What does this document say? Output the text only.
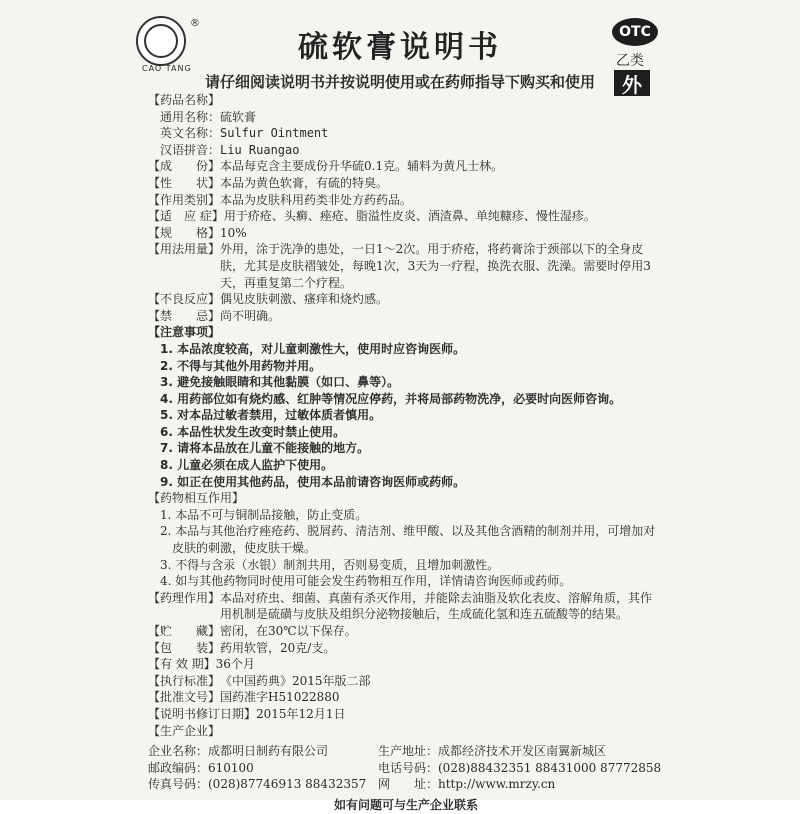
®
CAO TANG
硫软膏说明书	OTC
乙类
外
请仔细阅读说明书并按说明使用或在药师指导下购买和使用
【药品名称】
通用名称：硫软膏
英文名称：Sulfur Ointment
汉语拼音：Liu Ruangao
【成　　份】 本品每克含主要成份升华硫0.1克。辅料为黄凡士林。
【性　　状】 本品为黄色软膏，有硫的特臭。
【作用类别】 本品为皮肤科用药类非处方药药品。
【适　应 症】 用于疥疮、头癣、痤疮、脂溢性皮炎、酒渣鼻、单纯糠疹、慢性湿疹。
【规　　格】 10%
【用法用量】 外用，涂于洗净的患处，一日1～2次。用于疥疮，将药膏涂于颈部以下的全身皮肤，尤其是皮肤褶皱处，每晚1次，3天为一疗程，换洗衣服、洗澡。需要时停用3天，再重复第二个疗程。
【不良反应】 偶见皮肤刺激、瘙痒和烧灼感。
【禁　　忌】 尚不明确。
【注意事项】
1. 本品浓度较高，对儿童刺激性大，使用时应咨询医师。
2. 不得与其他外用药物并用。
3. 避免接触眼睛和其他黏膜（如口、鼻等）。
4. 用药部位如有烧灼感、红肿等情况应停药，并将局部药物洗净，必要时向医师咨询。
5. 对本品过敏者禁用，过敏体质者慎用。
6. 本品性状发生改变时禁止使用。
7. 请将本品放在儿童不能接触的地方。
8. 儿童必须在成人监护下使用。
9. 如正在使用其他药品，使用本品前请咨询医师或药师。
【药物相互作用】
1. 本品不可与铜制品接触，防止变质。
2. 本品与其他治疗痤疮药、脱屑药、清洁剂、维甲酸、以及其他含酒精的制剂并用，可增加对皮肤的刺激，使皮肤干燥。
3. 不得与含汞（水银）制剂共用，否则易变质，且增加刺激性。
4. 如与其他药物同时使用可能会发生药物相互作用，详情请咨询医师或药师。
【药理作用】 本品对疥虫、细菌、真菌有杀灭作用，并能除去油脂及软化表皮、溶解角质，其作用机制是硫磺与皮肤及组织分泌物接触后，生成硫化氢和连五硫酸等的结果。
【贮　　藏】 密闭，在30℃以下保存。
【包　　装】 药用软管，20克/支。
【有 效 期】 36个月
【执行标准】 《中国药典》2015年版二部
【批准文号】 国药准字H51022880
【说明书修订日期】 2015年12月1日
【生产企业】
企业名称：成都明日制药有限公司	生产地址：成都经济技术开发区南翼新城区
邮政编码：610100	电话号码：(028)88432351 88431000 87772858
传真号码：(028)87746913 88432357 网　　址：http://www.mrzy.cn
如有问题可与生产企业联系
